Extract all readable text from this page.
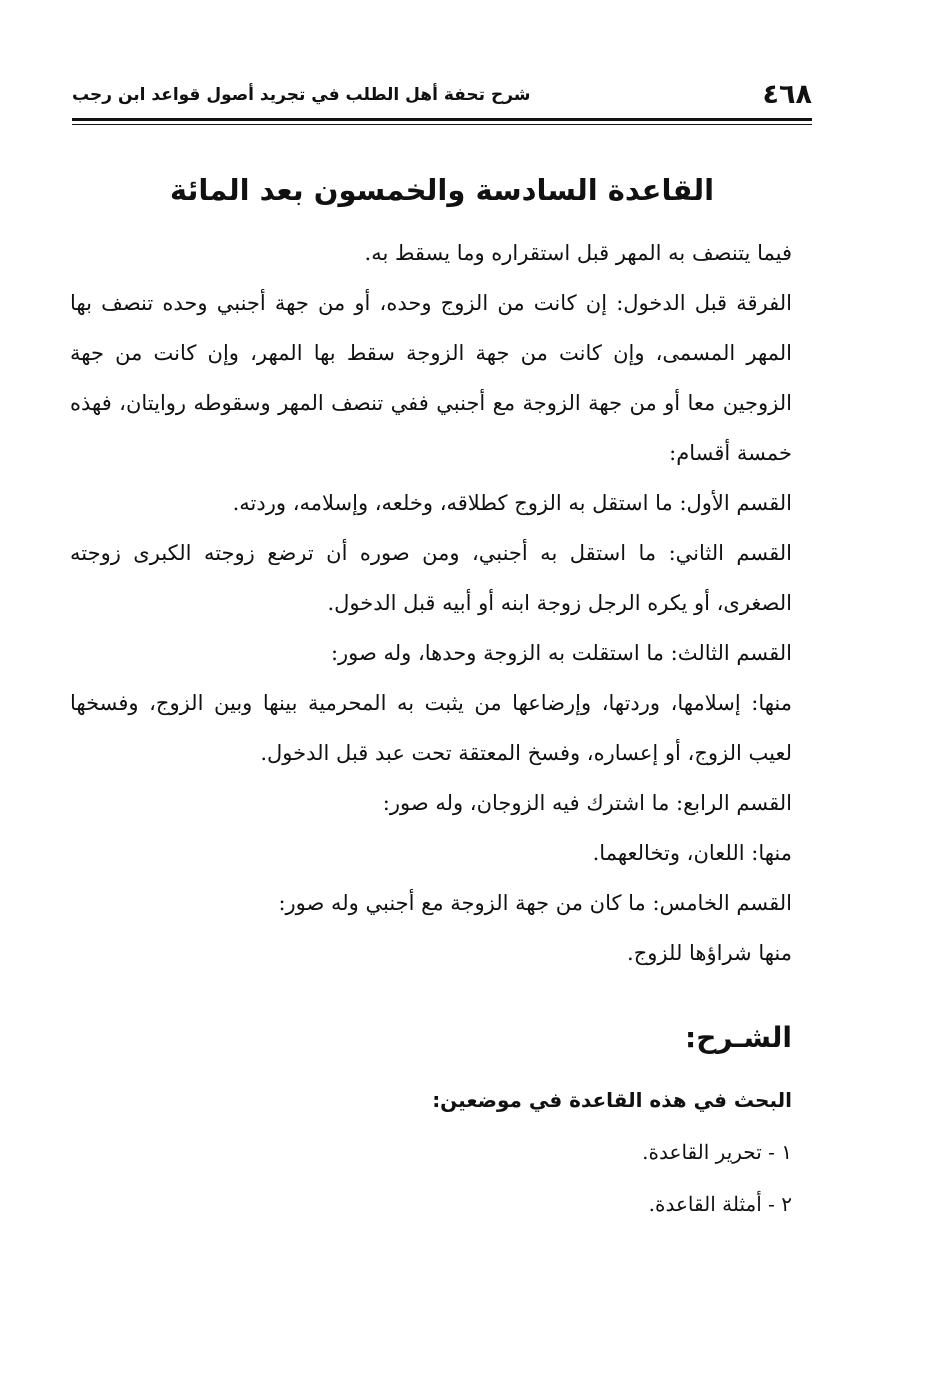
٤٦٨
شرح تحفة أهل الطلب في تجريد أصول قواعد ابن رجب
القاعدة السادسة والخمسون بعد المائة

فيما يتنصف به المهر قبل استقراره وما يسقط به.

الفرقة قبل الدخول: إن كانت من الزوج وحده، أو من جهة أجنبي وحده تنصف بها المهر المسمى، وإن كانت من جهة الزوجة سقط بها المهر، وإن كانت من جهة الزوجين معا أو من جهة الزوجة مع أجنبي ففي تنصف المهر وسقوطه روايتان، فهذه خمسة أقسام:

القسم الأول: ما استقل به الزوج كطلاقه، وخلعه، وإسلامه، وردته.

القسم الثاني: ما استقل به أجنبي، ومن صوره أن ترضع زوجته الكبرى زوجته الصغرى، أو يكره الرجل زوجة ابنه أو أبيه قبل الدخول.

القسم الثالث: ما استقلت به الزوجة وحدها، وله صور:

منها: إسلامها، وردتها، وإرضاعها من يثبت به المحرمية بينها وبين الزوج، وفسخها لعيب الزوج، أو إعساره، وفسخ المعتقة تحت عبد قبل الدخول.

القسم الرابع: ما اشترك فيه الزوجان، وله صور:

منها: اللعان، وتخالعهما.

القسم الخامس: ما كان من جهة الزوجة مع أجنبي وله صور:

منها شراؤها للزوج.

الشـرح:

البحث في هذه القاعدة في موضعين:

١ - تحرير القاعدة.

٢ - أمثلة القاعدة.
